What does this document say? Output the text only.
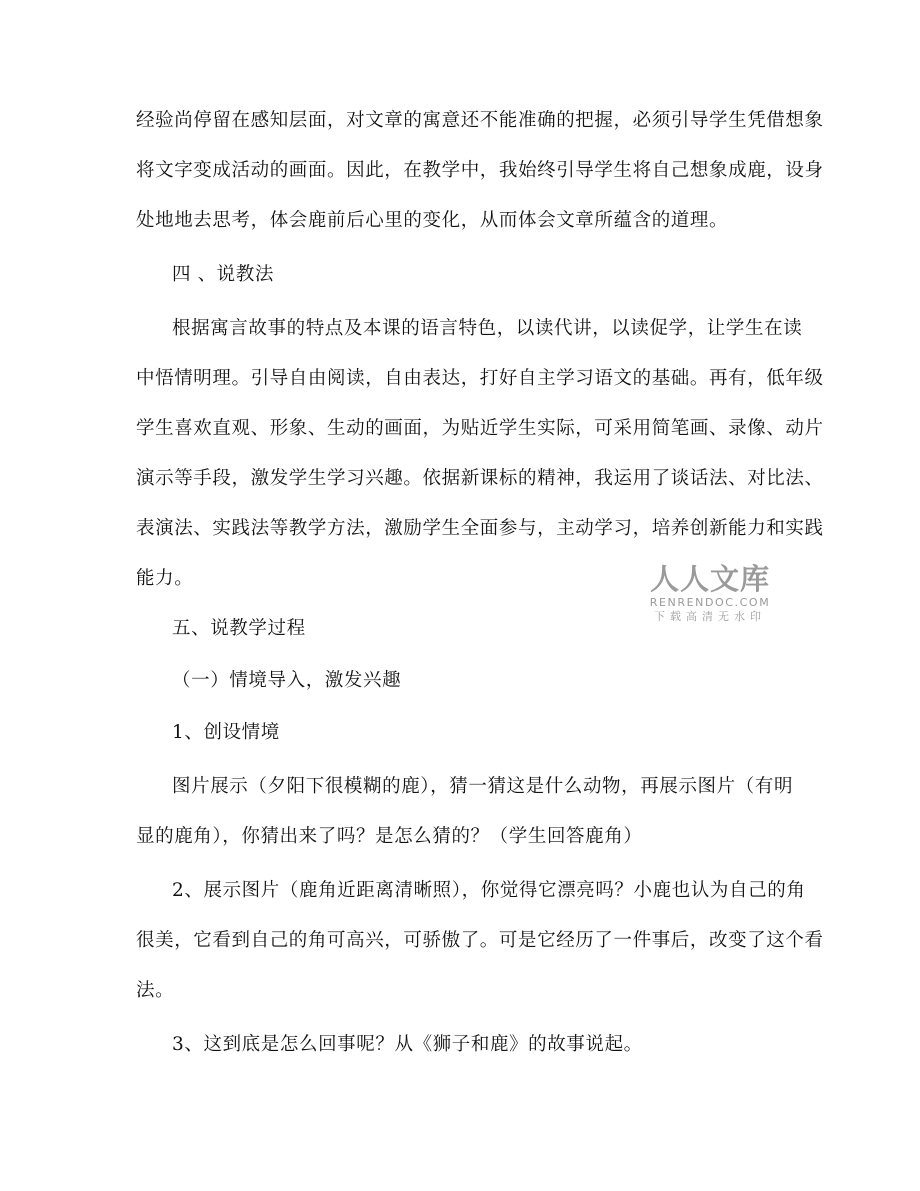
经验尚停留在感知层面，对文章的寓意还不能准确的把握，必须引导学生凭借想象
将文字变成活动的画面。因此，在教学中，我始终引导学生将自己想象成鹿，设身
处地地去思考，体会鹿前后心里的变化，从而体会文章所蕴含的道理。
四 、说教法
根据寓言故事的特点及本课的语言特色，以读代讲，以读促学，让学生在读
中悟情明理。引导自由阅读，自由表达，打好自主学习语文的基础。再有，低年级
学生喜欢直观、形象、生动的画面，为贴近学生实际，可采用简笔画、录像、动片
演示等手段，激发学生学习兴趣。依据新课标的精神，我运用了谈话法、对比法、
表演法、实践法等教学方法，激励学生全面参与，主动学习，培养创新能力和实践
能力。
五、说教学过程
（一）情境导入，激发兴趣
1、创设情境
图片展示（夕阳下很模糊的鹿），猜一猜这是什么动物，再展示图片（有明
显的鹿角），你猜出来了吗？是怎么猜的？（学生回答鹿角）
2、展示图片（鹿角近距离清晰照），你觉得它漂亮吗？小鹿也认为自己的角
很美，它看到自己的角可高兴，可骄傲了。可是它经历了一件事后，改变了这个看
法。
3、这到底是怎么回事呢？从《狮子和鹿》的故事说起。
人人文库
RENRENDOC.COM
下载高清无水印
